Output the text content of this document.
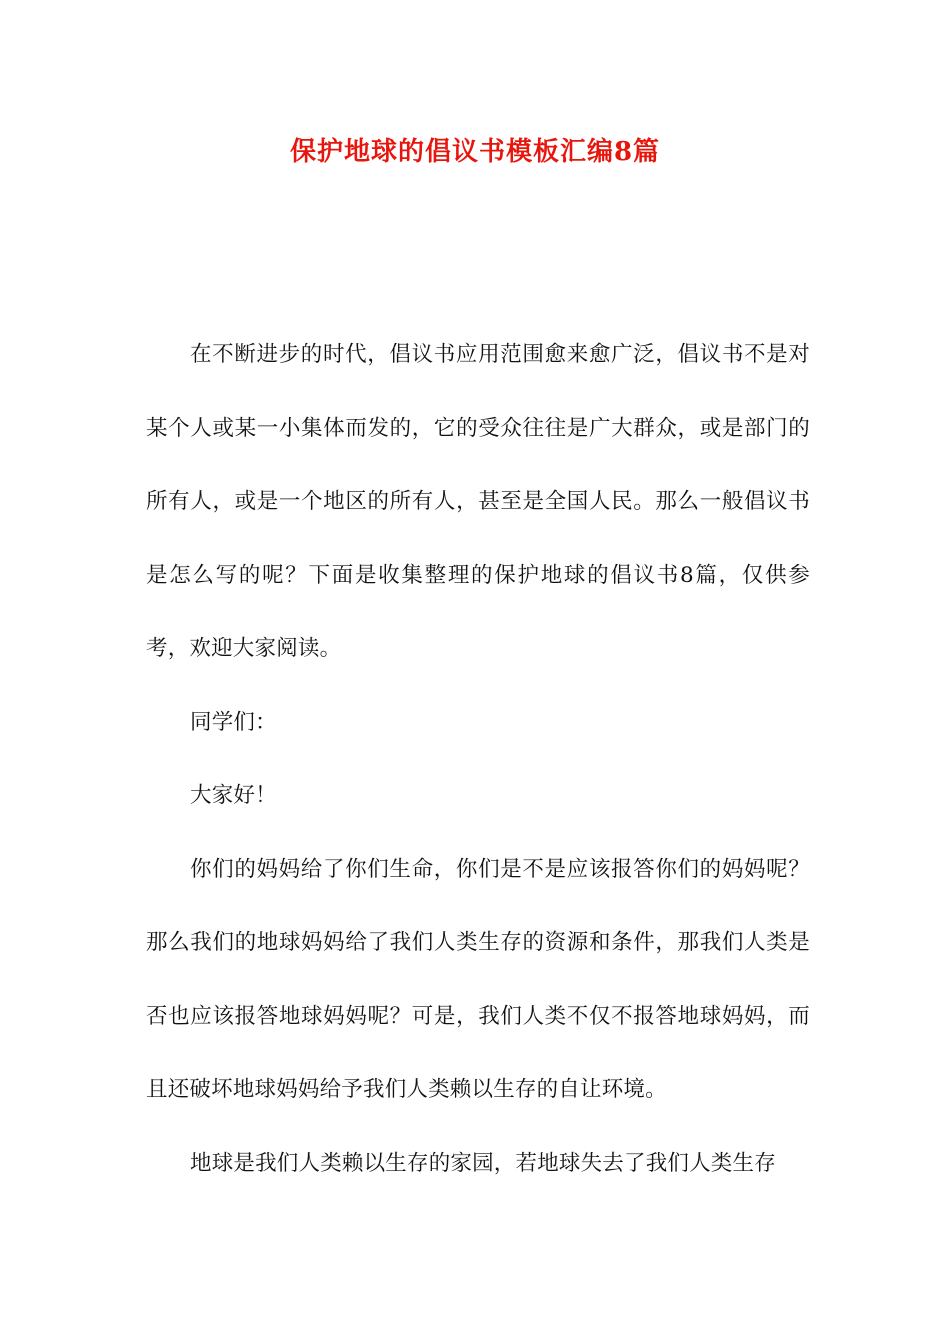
保护地球的倡议书模板汇编8篇

在不断进步的时代，倡议书应用范围愈来愈广泛，倡议书不是对某个人或某一小集体而发的，它的受众往往是广大群众，或是部门的所有人，或是一个地区的所有人，甚至是全国人民。那么一般倡议书是怎么写的呢？下面是收集整理的保护地球的倡议书8篇，仅供参考，欢迎大家阅读。

同学们：

大家好！

你们的妈妈给了你们生命，你们是不是应该报答你们的妈妈呢？那么我们的地球妈妈给了我们人类生存的资源和条件，那我们人类是否也应该报答地球妈妈呢？可是，我们人类不仅不报答地球妈妈，而且还破坏地球妈妈给予我们人类赖以生存的自让环境。

地球是我们人类赖以生存的家园，若地球失去了我们人类生存
